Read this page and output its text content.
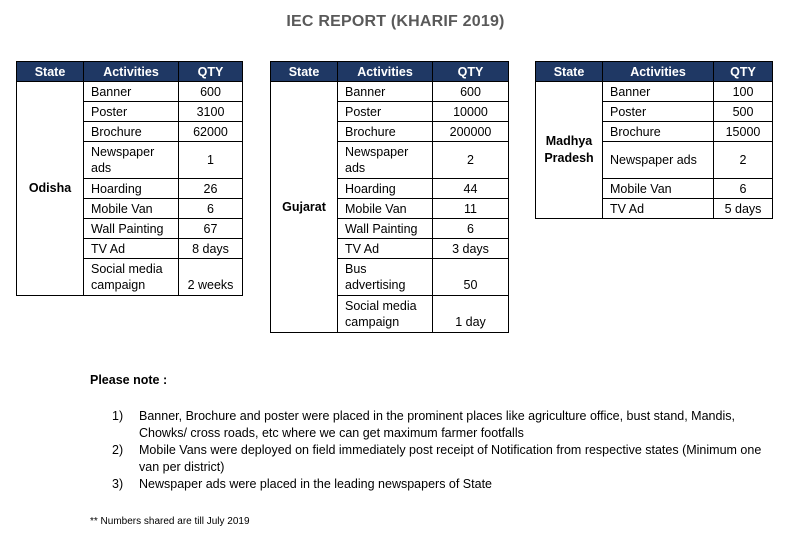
IEC REPORT (KHARIF 2019)
State	Activities	QTY
Odisha	Banner	600
	Poster	3100
	Brochure	62000
	Newspaper ads	1
	Hoarding	26
	Mobile Van	6
	Wall Painting	67
	TV Ad	8 days
	Social media campaign	2 weeks
State	Activities	QTY
Gujarat	Banner	600
	Poster	10000
	Brochure	200000
	Newspaper ads	2
	Hoarding	44
	Mobile Van	11
	Wall Painting	6
	TV Ad	3 days
	Bus advertising	50
	Social media campaign	1 day
State	Activities	QTY
Madhya Pradesh	Banner	100
	Poster	500
	Brochure	15000
	Newspaper ads	2
	Mobile Van	6
	TV Ad	5 days
Please note :
1) Banner, Brochure and poster were placed in the prominent places like agriculture office, bust stand, Mandis, Chowks/ cross roads, etc where we can get maximum farmer footfalls
2) Mobile Vans were deployed on field immediately post receipt of Notification from respective states (Minimum one van per district)
3) Newspaper ads were placed in the leading newspapers of State
** Numbers shared are till July 2019
